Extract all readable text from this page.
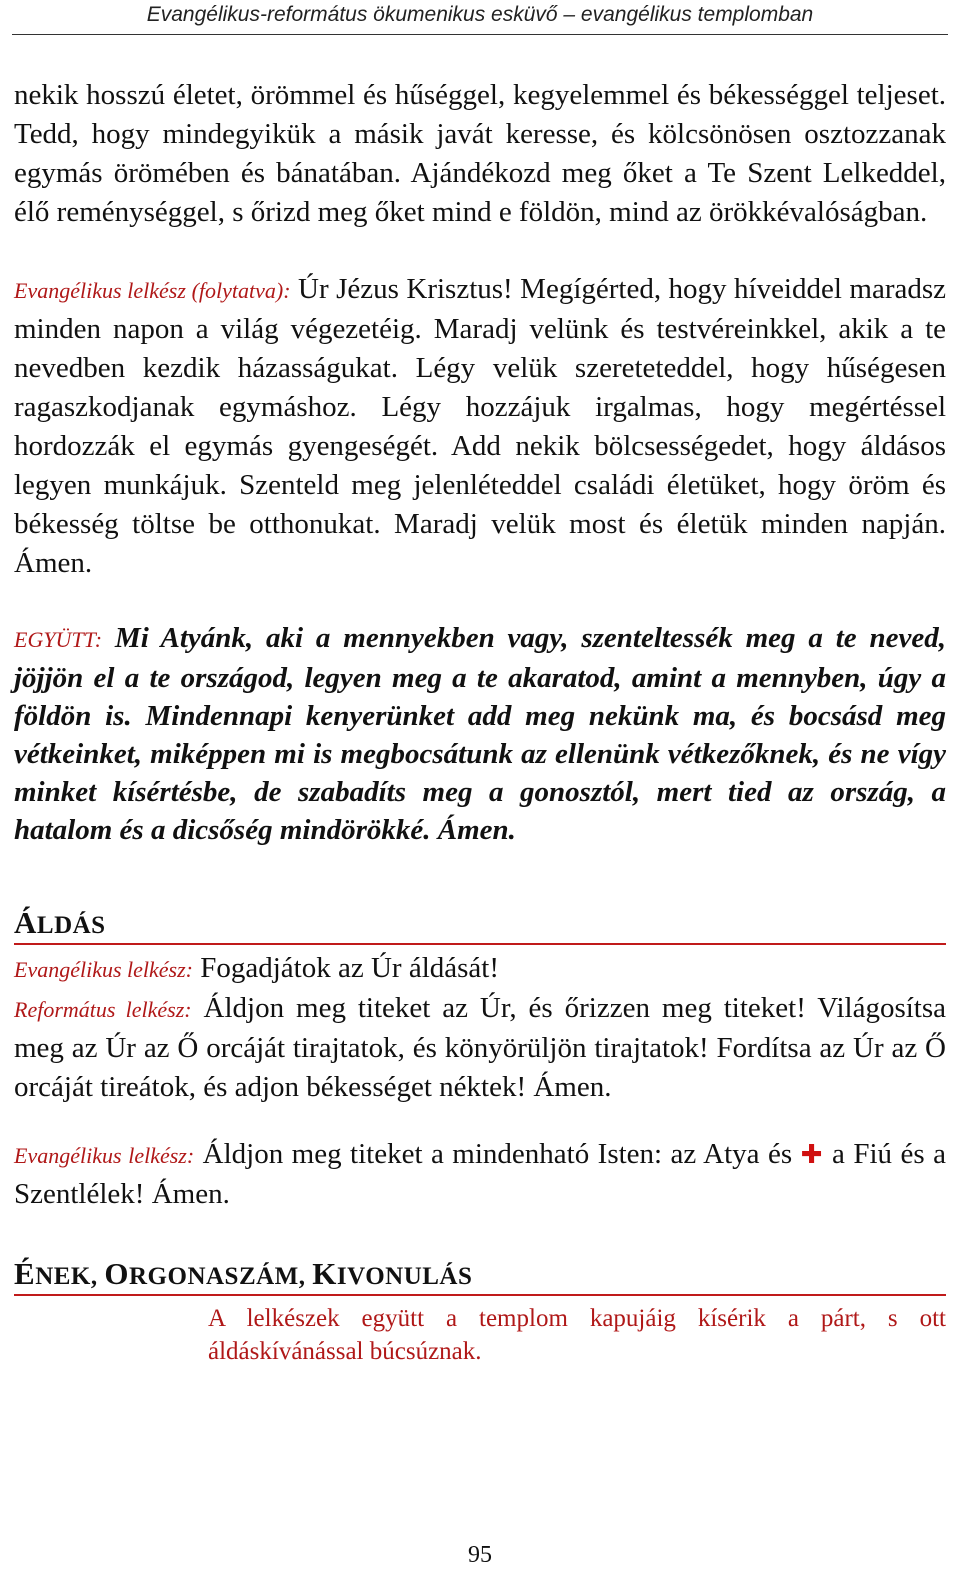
Evangélikus-református ökumenikus esküvő – evangélikus templomban

nekik hosszú életet, örömmel és hűséggel, kegyelemmel és békességgel teljeset. Tedd, hogy mindegyikük a másik javát keresse, és kölcsönösen osztozzanak egymás örömében és bánatában. Ajándékozd meg őket a Te Szent Lelkeddel, élő reménységgel, s őrizd meg őket mind e földön, mind az örökkévalóságban.

Evangélikus lelkész (folytatva): Úr Jézus Krisztus! Megígérted, hogy híveiddel maradsz minden napon a világ végezetéig. Maradj velünk és testvéreinkkel, akik a te nevedben kezdik házasságukat. Légy velük szereteteddel, hogy hűségesen ragaszkodjanak egymáshoz. Légy hozzájuk irgalmas, hogy megértéssel hordozzák el egymás gyengeségét. Add nekik bölcsességedet, hogy áldásos legyen munkájuk. Szenteld meg jelenléteddel családi életüket, hogy öröm és békesség töltse be otthonukat. Maradj velük most és életük minden napján. Ámen.

EGYÜTT: Mi Atyánk, aki a mennyekben vagy, szenteltessék meg a te neved, jöjjön el a te országod, legyen meg a te akaratod, amint a mennyben, úgy a földön is. Mindennapi kenyerünket add meg nekünk ma, és bocsásd meg vétkeinket, miképpen mi is megbocsátunk az ellenünk vétkezőknek, és ne vígy minket kísértésbe, de szabadíts meg a gonosztól, mert tied az ország, a hatalom és a dicsőség mindörökké. Ámen.

ÁLDÁS

Evangélikus lelkész: Fogadjátok az Úr áldását!

Református lelkész: Áldjon meg titeket az Úr, és őrizzen meg titeket! Világosítsa meg az Úr az Ő orcáját tirajtatok, és könyörüljön tirajtatok! Fordítsa az Úr az Ő orcáját tireátok, és adjon békességet néktek! Ámen.

Evangélikus lelkész: Áldjon meg titeket a mindenható Isten: az Atya és ✚ a Fiú és a Szentlélek! Ámen.

ÉNEK, ORGONASZÁM, KIVONULÁS

A lelkészek együtt a templom kapujáig kísérik a párt, s ott áldáskívánással búcsúznak.

95
